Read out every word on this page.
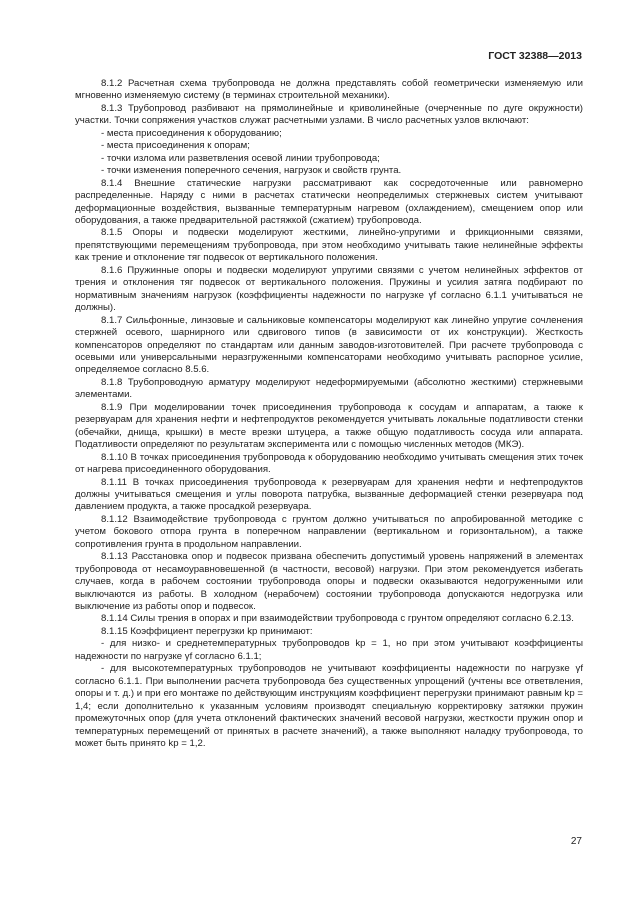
ГОСТ 32388—2013

8.1.2 Расчетная схема трубопровода не должна представлять собой геометрически изменяемую или мгновенно изменяемую систему (в терминах строительной механики).

8.1.3 Трубопровод разбивают на прямолинейные и криволинейные (очерченные по дуге окружности) участки. Точки сопряжения участков служат расчетными узлами. В число расчетных узлов включают:

- места присоединения к оборудованию;

- места присоединения к опорам;

- точки излома или разветвления осевой линии трубопровода;

- точки изменения поперечного сечения, нагрузок и свойств грунта.

8.1.4 Внешние статические нагрузки рассматривают как сосредоточенные или равномерно распределенные. Наряду с ними в расчетах статически неопределимых стержневых систем учитывают деформационные воздействия, вызванные температурным нагревом (охлаждением), смещением опор или оборудования, а также предварительной растяжкой (сжатием) трубопровода.

8.1.5 Опоры и подвески моделируют жесткими, линейно-упругими и фрикционными связями, препятствующими перемещениям трубопровода, при этом необходимо учитывать такие нелинейные эффекты как трение и отклонение тяг подвесок от вертикального положения.

8.1.6 Пружинные опоры и подвески моделируют упругими связями с учетом нелинейных эффектов от трения и отклонения тяг подвесок от вертикального положения. Пружины и усилия затяга подбирают по нормативным значениям нагрузок (коэффициенты надежности по нагрузке γf согласно 6.1.1 учитываться не должны).

8.1.7 Сильфонные, линзовые и сальниковые компенсаторы моделируют как линейно упругие сочленения стержней осевого, шарнирного или сдвигового типов (в зависимости от их конструкции). Жесткость компенсаторов определяют по стандартам или данным заводов-изготовителей. При расчете трубопровода с осевыми или универсальными неразгруженными компенсаторами необходимо учитывать распорное усилие, определяемое согласно 8.5.6.

8.1.8 Трубопроводную арматуру моделируют недеформируемыми (абсолютно жесткими) стержневыми элементами.

8.1.9 При моделировании точек присоединения трубопровода к сосудам и аппаратам, а также к резервуарам для хранения нефти и нефтепродуктов рекомендуется учитывать локальные податливости стенки (обечайки, днища, крышки) в месте врезки штуцера, а также общую податливость сосуда или аппарата. Податливости определяют по результатам эксперимента или с помощью численных методов (МКЭ).

8.1.10 В точках присоединения трубопровода к оборудованию необходимо учитывать смещения этих точек от нагрева присоединенного оборудования.

8.1.11 В точках присоединения трубопровода к резервуарам для хранения нефти и нефтепродуктов должны учитываться смещения и углы поворота патрубка, вызванные деформацией стенки резервуара под давлением продукта, а также просадкой резервуара.

8.1.12 Взаимодействие трубопровода с грунтом должно учитываться по апробированной методике с учетом бокового отпора грунта в поперечном направлении (вертикальном и горизонтальном), а также сопротивления грунта в продольном направлении.

8.1.13 Расстановка опор и подвесок призвана обеспечить допустимый уровень напряжений в элементах трубопровода от несамоуравновешенной (в частности, весовой) нагрузки. При этом рекомендуется избегать случаев, когда в рабочем состоянии трубопровода опоры и подвески оказываются недогруженными или выключаются из работы. В холодном (нерабочем) состоянии трубопровода допускаются недогрузка или выключение из работы опор и подвесок.

8.1.14 Силы трения в опорах и при взаимодействии трубопровода с грунтом определяют согласно 6.2.13.

8.1.15 Коэффициент перегрузки kp принимают:

- для низко- и среднетемпературных трубопроводов kp = 1, но при этом учитывают коэффициенты надежности по нагрузке γf согласно 6.1.1;

- для высокотемпературных трубопроводов не учитывают коэффициенты надежности по нагрузке γf согласно 6.1.1. При выполнении расчета трубопровода без существенных упрощений (учтены все ответвления, опоры и т. д.) и при его монтаже по действующим инструкциям коэффициент перегрузки принимают равным kp = 1,4; если дополнительно к указанным условиям производят специальную корректировку затяжки пружин промежуточных опор (для учета отклонений фактических значений весовой нагрузки, жесткости пружин опор и температурных перемещений от принятых в расчете значений), а также выполняют наладку трубопровода, то может быть принято kp = 1,2.

27
